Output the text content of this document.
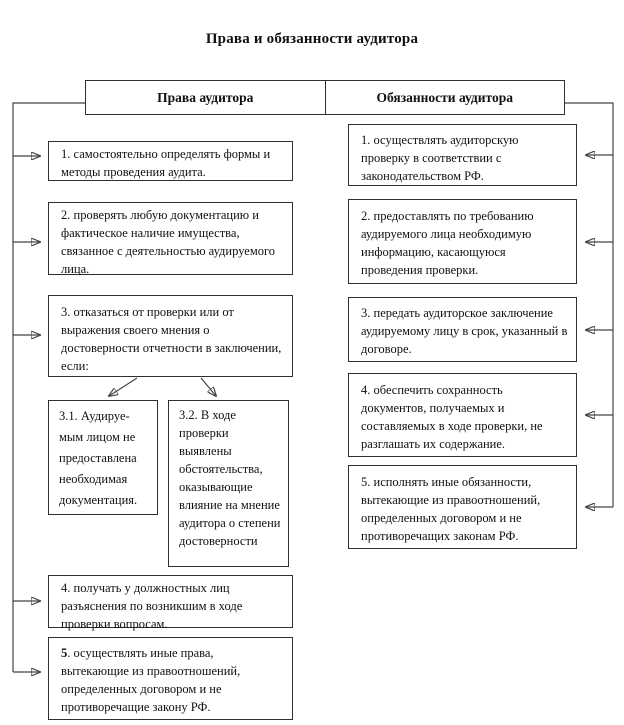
Права и обязанности аудитора
Права аудитора	Обязанности аудитора
1. самостоятельно определять формы и методы проведения аудита.
2. проверять любую документацию и фактическое наличие имущества, связанное с деятельностью аудируемого лица.
3. отказаться от проверки или от выражения своего мнения о достоверности отчетности в заключении, если:
3.1. Аудируе-мым лицом не предоставлена необходимая документация.
3.2. В ходе проверки выявлены обстоятельства, оказывающие влияние на мнение аудитора о степени достоверности
4. получать у должностных лиц разъяснения по возникшим в ходе проверки вопросам.
5. осуществлять иные права, вытекающие из правоотношений, определенных договором и не противоречащие закону РФ.
1. осуществлять аудиторскую проверку в соответствии с законодательством РФ.
2. предоставлять по требованию аудируемого лица необходимую информацию, касающуюся проведения проверки.
3. передать аудиторское заключение аудируемому лицу в срок, указанный в договоре.
4. обеспечить сохранность документов, получаемых и составляемых в ходе проверки, не разглашать их содержание.
5. исполнять иные обязанности, вытекающие из правоотношений, определенных договором и не противоречащих законам РФ.
